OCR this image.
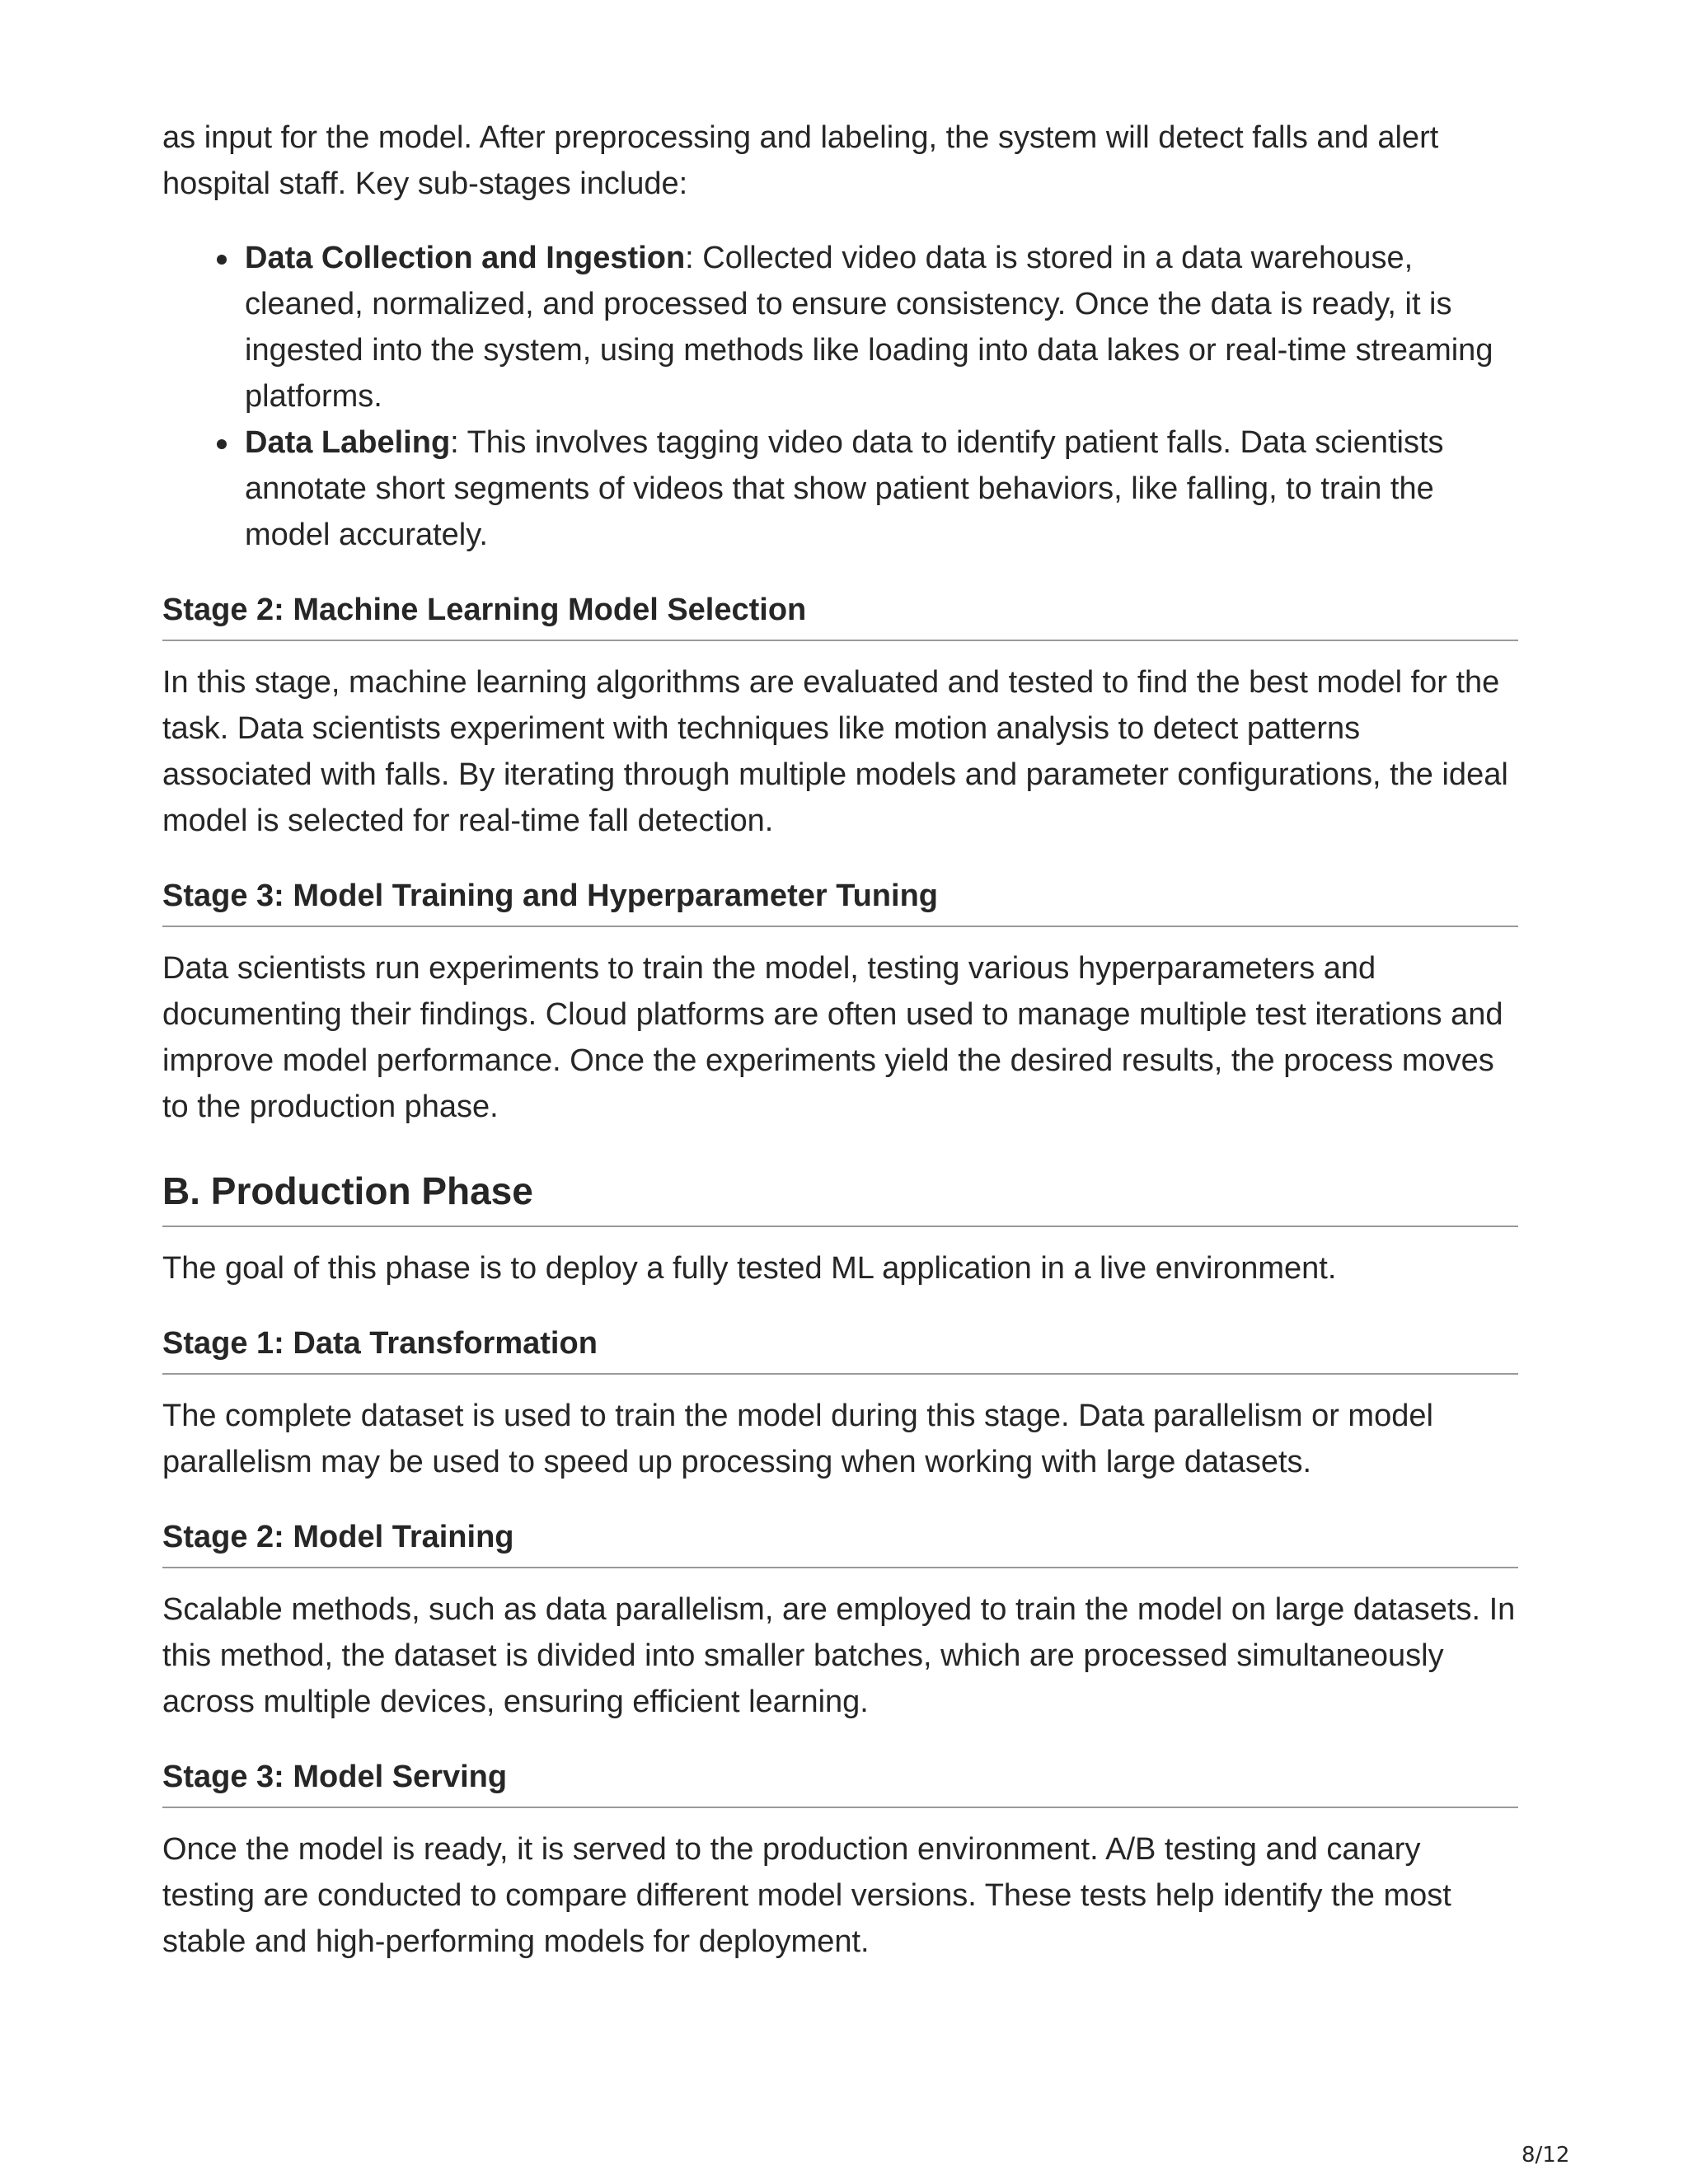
as input for the model. After preprocessing and labeling, the system will detect falls and alert hospital staff. Key sub-stages include:

Data Collection and Ingestion: Collected video data is stored in a data warehouse, cleaned, normalized, and processed to ensure consistency. Once the data is ready, it is ingested into the system, using methods like loading into data lakes or real-time streaming platforms.
Data Labeling: This involves tagging video data to identify patient falls. Data scientists annotate short segments of videos that show patient behaviors, like falling, to train the model accurately.
Stage 2: Machine Learning Model Selection

In this stage, machine learning algorithms are evaluated and tested to find the best model for the task. Data scientists experiment with techniques like motion analysis to detect patterns associated with falls. By iterating through multiple models and parameter configurations, the ideal model is selected for real-time fall detection.

Stage 3: Model Training and Hyperparameter Tuning

Data scientists run experiments to train the model, testing various hyperparameters and documenting their findings. Cloud platforms are often used to manage multiple test iterations and improve model performance. Once the experiments yield the desired results, the process moves to the production phase.

B. Production Phase

The goal of this phase is to deploy a fully tested ML application in a live environment.

Stage 1: Data Transformation

The complete dataset is used to train the model during this stage. Data parallelism or model parallelism may be used to speed up processing when working with large datasets.

Stage 2: Model Training

Scalable methods, such as data parallelism, are employed to train the model on large datasets. In this method, the dataset is divided into smaller batches, which are processed simultaneously across multiple devices, ensuring efficient learning.

Stage 3: Model Serving

Once the model is ready, it is served to the production environment. A/B testing and canary testing are conducted to compare different model versions. These tests help identify the most stable and high-performing models for deployment.

8/12
